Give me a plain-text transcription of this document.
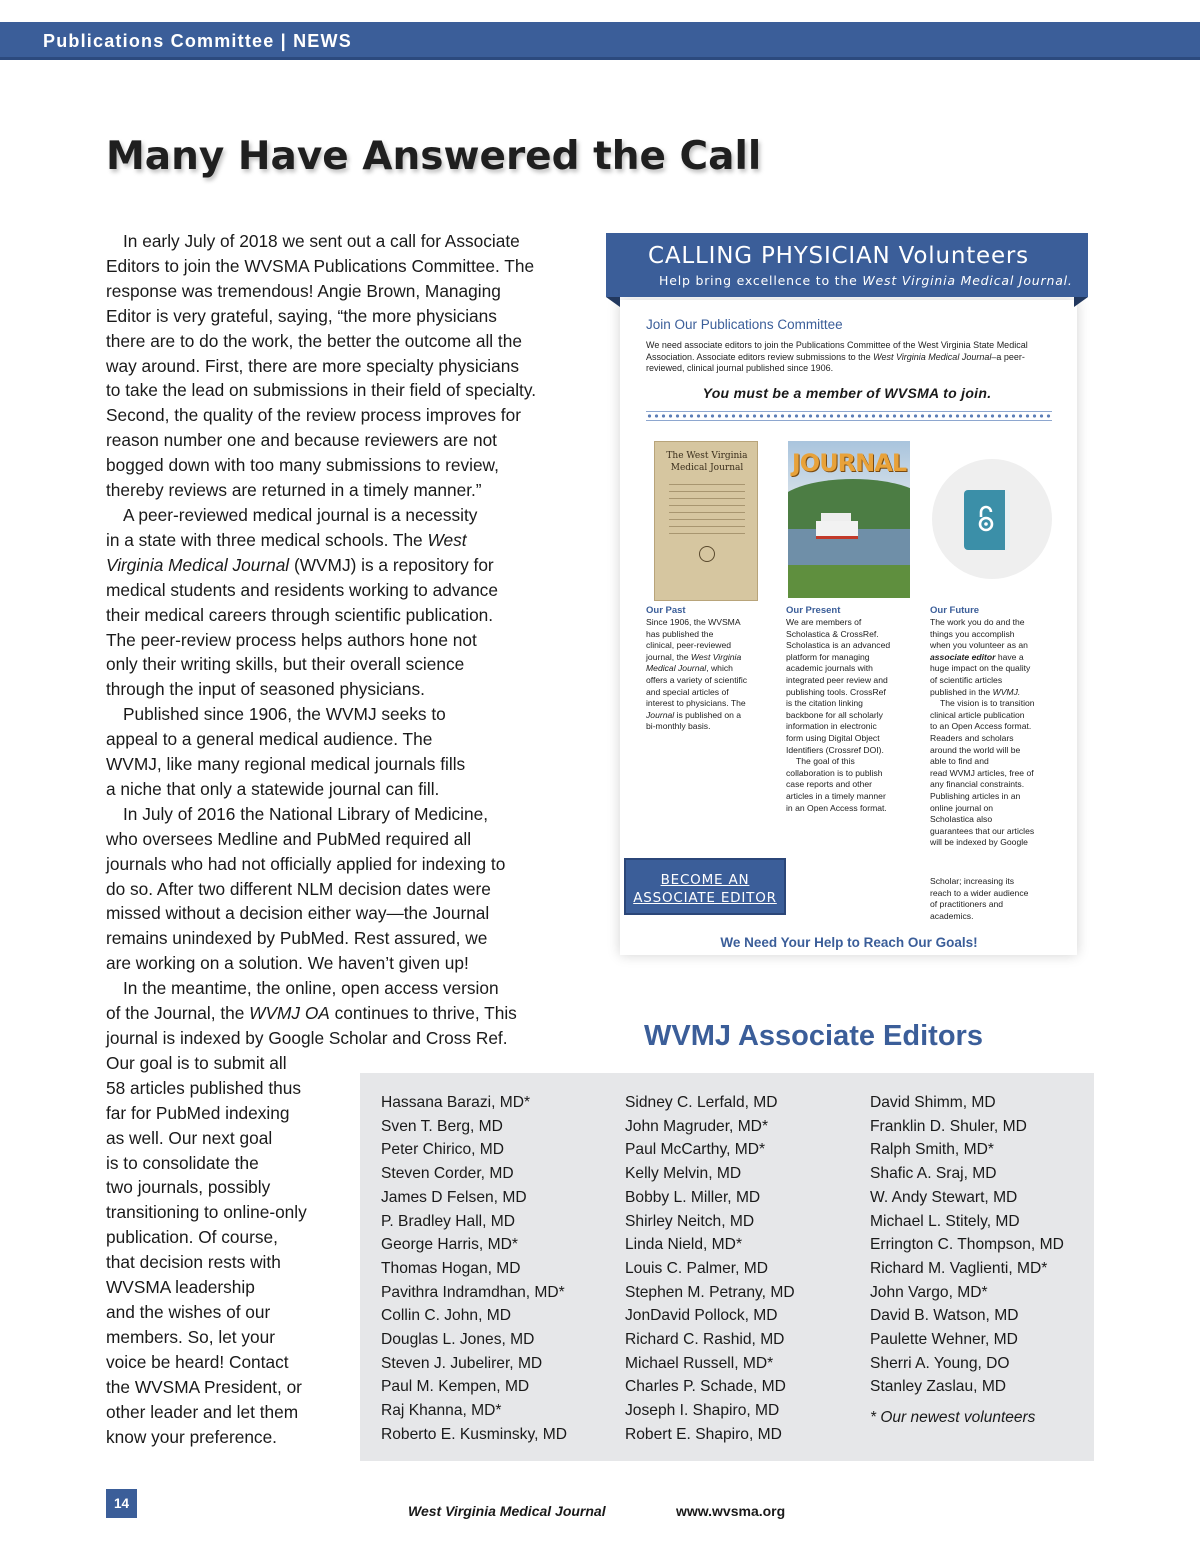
Publications Committee | NEWS
Many Have Answered the Call
In early July of 2018 we sent out a call for Associate
Editors to join the WVSMA Publications Committee. The
response was tremendous! Angie Brown, Managing
Editor is very grateful, saying, “the more physicians
there are to do the work, the better the outcome all the
way around. First, there are more specialty physicians
to take the lead on submissions in their field of specialty.
Second, the quality of the review process improves for
reason number one and because reviewers are not
bogged down with too many submissions to review,
thereby reviews are returned in a timely manner.”
A peer-reviewed medical journal is a necessity
in a state with three medical schools. The West
Virginia Medical Journal (WVMJ) is a repository for
medical students and residents working to advance
their medical careers through scientific publication.
The peer-review process helps authors hone not
only their writing skills, but their overall science
through the input of seasoned physicians.
Published since 1906, the WVMJ seeks to
appeal to a general medical audience. The
WVMJ, like many regional medical journals fills
a niche that only a statewide journal can fill.
In July of 2016 the National Library of Medicine,
who oversees Medline and PubMed required all
journals who had not officially applied for indexing to
do so. After two different NLM decision dates were
missed without a decision either way—the Journal
remains unindexed by PubMed. Rest assured, we
are working on a solution. We haven’t given up!
In the meantime, the online, open access version
of the Journal, the WVMJ OA continues to thrive, This
journal is indexed by Google Scholar and Cross Ref.
Our goal is to submit all
58 articles published thus
far for PubMed indexing
as well. Our next goal
is to consolidate the
two journals, possibly
transitioning to online-only
publication. Of course,
that decision rests with
WVSMA leadership
and the wishes of our
members. So, let your
voice be heard! Contact
the WVSMA President, or
other leader and let them
know your preference.
CALLING PHYSICIAN Volunteers
Help bring excellence to the West Virginia Medical Journal.
Join Our Publications Committee
We need associate editors to join the Publications Committee of the West Virginia State Medical Association. Associate editors review submissions to the West Virginia Medical Journal–a peer-reviewed, clinical journal published since 1906.
You must be a member of WVSMA to join.
The West Virginia Medical Journal	JOURNAL
Our Past
Since 1906, the WVSMA
has published the
clinical, peer-reviewed
journal, the West Virginia
Medical Journal, which
offers a variety of scientific
and special articles of
interest to physicians. The
Journal is published on a
bi-monthly basis.
Our Present
We are members of
Scholastica & CrossRef.
Scholastica is an advanced
platform for managing
academic journals with
integrated peer review and
publishing tools. CrossRef
is the citation linking
backbone for all scholarly
information in electronic
form using Digital Object
Identifiers (Crossref DOI).
The goal of this
collaboration is to publish
case reports and other
articles in a timely manner
in an Open Access format.
Our Future
The work you do and the
things you accomplish
when you volunteer as an
associate editor have a
huge impact on the quality
of scientific articles
published in the WVMJ.
The vision is to transition
clinical article publication
to an Open Access format.
Readers and scholars
around the world will be
able to find and
read WVMJ articles, free of
any financial constraints.
Publishing articles in an
online journal on
Scholastica also
guarantees that our articles
will be indexed by Google
Scholar; increasing its
reach to a wider audience
of practitioners and
academics.
BECOME AN
ASSOCIATE EDITOR
We Need Your Help to Reach Our Goals!
WVMJ Associate Editors
Hassana Barazi, MD*
Sven T. Berg, MD
Peter Chirico, MD
Steven Corder, MD
James D Felsen, MD
P. Bradley Hall, MD
George Harris, MD*
Thomas Hogan, MD
Pavithra Indramdhan, MD*
Collin C. John, MD
Douglas L. Jones, MD
Steven J. Jubelirer, MD
Paul M. Kempen, MD
Raj Khanna, MD*
Roberto E. Kusminsky, MD
Sidney C. Lerfald, MD
John Magruder, MD*
Paul McCarthy, MD*
Kelly Melvin, MD
Bobby L. Miller, MD
Shirley Neitch, MD
Linda Nield, MD*
Louis C. Palmer, MD
Stephen M. Petrany, MD
JonDavid Pollock, MD
Richard C. Rashid, MD
Michael Russell, MD*
Charles P. Schade, MD
Joseph I. Shapiro, MD
Robert E. Shapiro, MD
David Shimm, MD
Franklin D. Shuler, MD
Ralph Smith, MD*
Shafic A. Sraj, MD
W. Andy Stewart, MD
Michael L. Stitely, MD
Errington C. Thompson, MD
Richard M. Vaglienti, MD*
John Vargo, MD*
David B. Watson, MD
Paulette Wehner, MD
Sherri A. Young, DO
Stanley Zaslau, MD
* Our newest volunteers
14	West Virginia Medical Journal	www.wvsma.org
